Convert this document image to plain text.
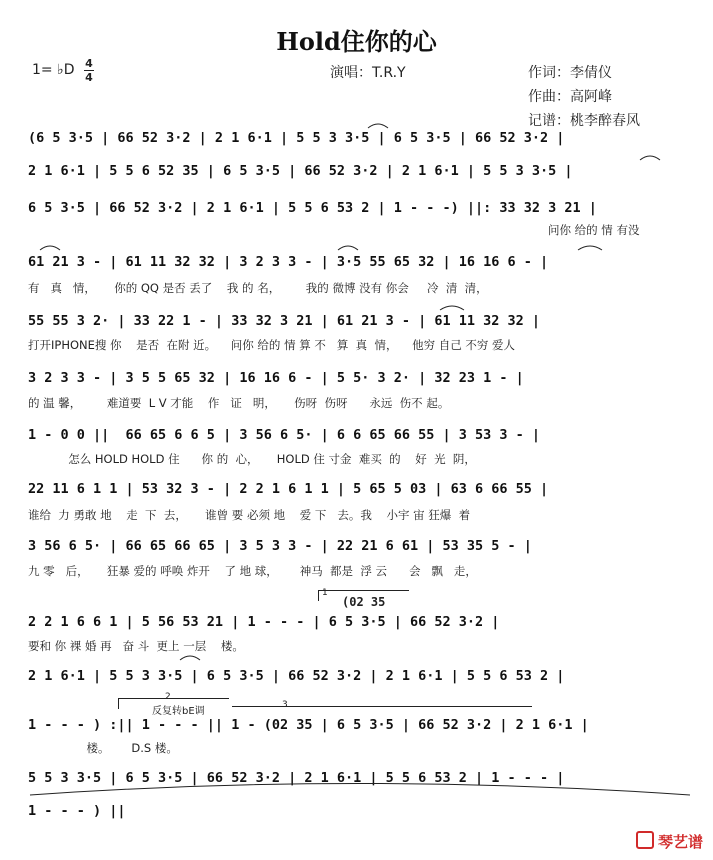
Hold住你的心
1= ♭D 4
4	演唱：T.R.Y	作词：李倩仪
作曲：高阿峰
记谱：桃李醉春风
(6 5 3·5 | 66 52 3·2 | 2 1 6·1 | 5 5 3 3·5 | 6 5 3·5 | 66 52 3·2 |
2 1 6·1 | 5 5 6 52 35 | 6 5 3·5 | 66 52 3·2 | 2 1 6·1 | 5 5 3 3·5 |
6 5 3·5 | 66 52 3·2 | 2 1 6·1 | 5 5 6 53 2 | 1 - - -) ||: 33 32 3 21 |
问你 给的 情 有没
61 21 3 - | 61 11 32 32 | 3 2 3 3 - | 3·5 55 65 32 | 16 16 6 - |
有   真   情，     你的 QQ 是否 丢了    我 的 名，       我的 微博 没有 你会     冷  清  清，
55 55 3 2· | 33 22 1 - | 33 32 3 21 | 61 21 3 - | 61 11 32 32 |
打开IPHONE搜 你    是否  在附 近。    问你 给的 情 算 不   算  真  情，    他穷 自己 不穷 爱人
3 2 3 3 - | 3 5 5 65 32 | 16 16 6 - | 5 5· 3 2· | 32 23 1 - |
的 温 馨，       难道要  L V 才能    作   证   明，     伤呀  伤呀      永远  伤不 起。
1 - 0 0 ||  66 65 6 6 5 | 3 56 6 5· | 6 6 65 66 55 | 3 53 3 - |
怎么 HOLD HOLD 住      你 的  心，     HOLD 住 寸金  难买  的    好  光  阴，
22 11 6 1 1 | 53 32 3 - | 2 2 1 6 1 1 | 5 65 5 03 | 63 6 66 55 |
谁给  力 勇敢 地    走  下  去，     谁曾 要 必须 地    爱 下   去。我    小宇 宙 狂爆  着
3 56 6 5· | 66 65 66 65 | 3 5 3 3 - | 22 21 6 61 | 53 35 5 - |
九 零   后，     狂暴 爱的 呼唤 炸开    了 地 球，      神马  都是  浮 云      会   飘   走，
1
(02 35
2 2 1 6 6 1 | 5 56 53 21 | 1 - - - | 6 5 3·5 | 66 52 3·2 |
要和 你 裸 婚 再   奋 斗  更上 一层    楼。
2 1 6·1 | 5 5 3 3·5 | 6 5 3·5 | 66 52 3·2 | 2 1 6·1 | 5 5 6 53 2 |
2
反复转bE调
3
1 - - - ) :|| 1 - - - || 1 - (02 35 | 6 5 3·5 | 66 52 3·2 | 2 1 6·1 |
楼。      D.S 楼。
5 5 3 3·5 | 6 5 3·5 | 66 52 3·2 | 2 1 6·1 | 5 5 6 53 2 | 1 - - - |
1 - - - ) ||
琴艺谱
